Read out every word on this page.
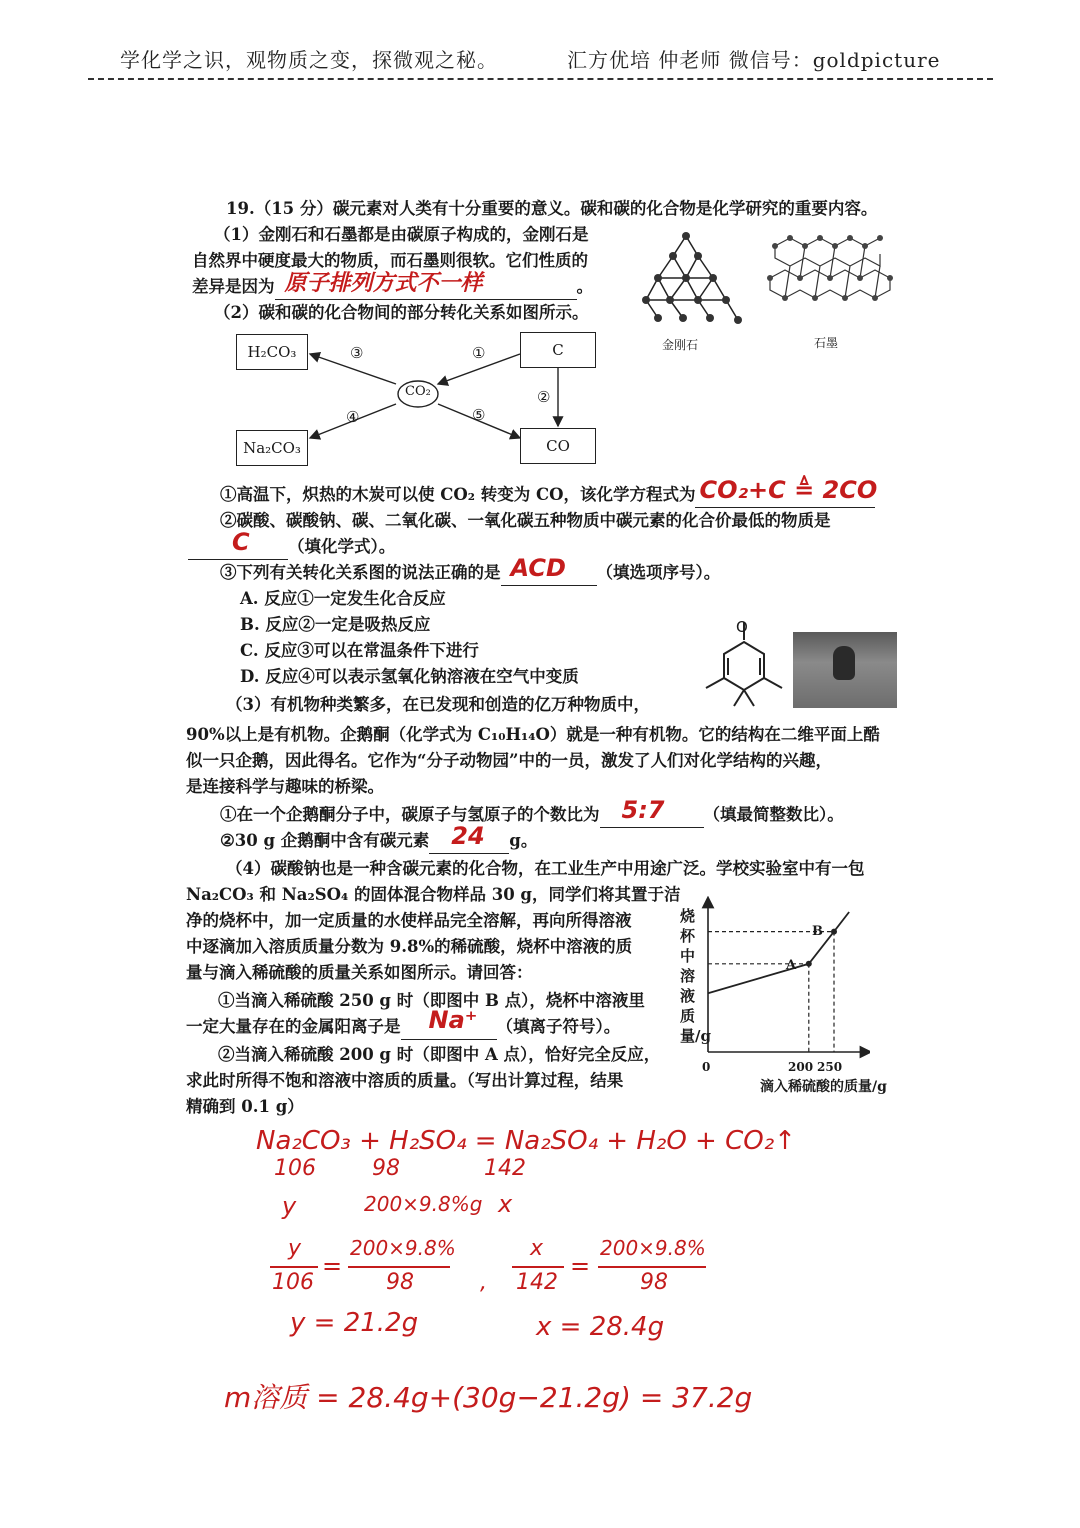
学化学之识，观物质之变，探微观之秘。	汇方优培 仲老师 微信号：goldpicture
19.（15 分）碳元素对人类有十分重要的意义。碳和碳的化合物是化学研究的重要内容。
（1）金刚石和石墨都是由碳原子构成的，金刚石是
自然界中硬度最大的物质，而石墨则很软。它们性质的
差异是因为 原子排列方式不一样	。
金刚石	石墨
（2）碳和碳的化合物间的部分转化关系如图所示。
H₂CO₃	C
Na₂CO₃	CO
CO₂
③	①
②
④	⑤
①高温下，炽热的木炭可以使 CO₂ 转变为 CO，该化学方程式为 CO₂+C ≜ 2CO
②碳酸、碳酸钠、碳、二氧化碳、一氧化碳五种物质中碳元素的化合价最低的物质是
C （填化学式）。
③下列有关转化关系图的说法正确的是 ACD （填选项序号）。
A. 反应①一定发生化合反应
B. 反应②一定是吸热反应
C. 反应③可以在常温条件下进行
D. 反应④可以表示氢氧化钠溶液在空气中变质
O
（3）有机物种类繁多，在已发现和创造的亿万种物质中，
90%以上是有机物。企鹅酮（化学式为 C₁₀H₁₄O）就是一种有机物。它的结构在二维平面上酷
似一只企鹅，因此得名。它作为“分子动物园”中的一员，激发了人们对化学结构的兴趣，
是连接科学与趣味的桥梁。
①在一个企鹅酮分子中，碳原子与氢原子的个数比为 5:7 （填最简整数比）。
②30 g 企鹅酮中含有碳元素 24 g。
（4）碳酸钠也是一种含碳元素的化合物，在工业生产中用途广泛。学校实验室中有一包
Na₂CO₃ 和 Na₂SO₄ 的固体混合物样品 30 g，同学们将其置于洁
净的烧杯中，加一定质量的水使样品完全溶解，再向所得溶液
中逐滴加入溶质质量分数为 9.8%的稀硫酸，烧杯中溶液的质
量与滴入稀硫酸的质量关系如图所示。请回答：
①当滴入稀硫酸 250 g 时（即图中 B 点），烧杯中溶液里
一定大量存在的金属阳离子是 Na⁺ （填离子符号）。
②当滴入稀硫酸 200 g 时（即图中 A 点），恰好完全反应，
求此时所得不饱和溶液中溶质的质量。（写出计算过程，结果
精确到 0.1 g）
烧杯中溶液质量/g
0	200 250
A
B
滴入稀硫酸的质量/g
Na₂CO₃ + H₂SO₄ = Na₂SO₄ + H₂O + CO₂↑
106	98	142
y	200×9.8%g x
y
106
=
200×9.8%
98	,
x
142
=
200×9.8%
98
y = 21.2g	x = 28.4g
m溶质 = 28.4g+(30g−21.2g) = 37.2g
